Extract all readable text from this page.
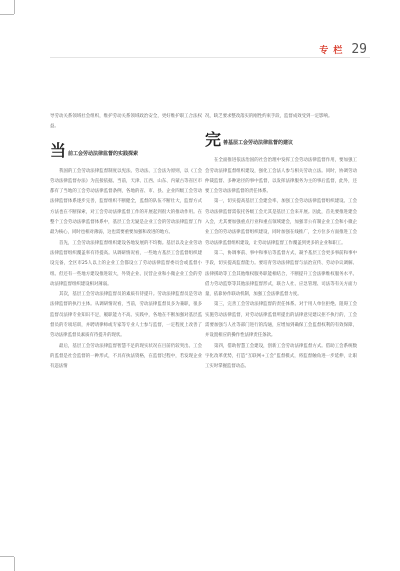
专 栏 29

导劳动关系领域社会组织，维护劳动关系领域政治安全，更好维护职工合法权益。

当 前工会劳动法律监督的实践探索

我国的工会劳动法律监督制度以宪法、劳动法、工会法为原则，以《工会劳动法律监督办法》为直接依据。当前，天津、江西、山东、内蒙古等省区市都有了当地的工会劳动法律监督条例，各地的省、市、县、企业四级工会劳动法律监督体系逐步完善，监督组织不断健全，监督的队伍不断壮大，监督方式方法也在不断探索，对工会劳动法律监督工作的开展起到很大的推动作用。在整个工会劳动法律监督体系中，基层工会无疑是企业工会的劳动法律监督工作最为核心，同时也相对薄弱，这也需要重要加强和改进的地方。

首先，工会劳动法律监督组织建设各地发展的不均衡。基层以及企业劳动法律监督组织覆盖率有待提高。从调研情况看，一些地方基层工会监督组织建设完备，全区市25人以上的企业工会都设立了劳动法律监督委员会或监督小组。但还有一些地方建设推进较大，外资企业、民营企业和小微企业工会的劳动法律监督组织建设相对薄弱。

其次，基层工会劳动法律监督员的素质有待提升。劳动法律监督员是劳动法律监督的执行主体。从调研情况看，当前，劳动法律监督员多为兼职，很多监督员法律专业知识不足，履职能力不高。实践中，各地在不断加强对基层监督员的专项培训，并聘请律师或专家等专业人士参与监督，一定程度上改善了劳动法律监督员素质有待提升的现状。

最后，基层工会劳动法律监督智慧不足的现实状况在目前仍较突出。工会的监督是社会监督的一种形式，不具有执法资格，在监督过程中，若发现企业有违法情

况，缺乏要求整改落实的刚性约束手段，监督成效受到一定影响。

完 善基层工会劳动法律监督的建议

在全面推进依法治国的社会治理中发挥工会劳动法律监督作用，要加强工会劳动法律监督组织建设，强化工会法人参与相关劳动立法。同时，协调劳动仲裁监督、多种途径的事中监督，以发挥法律服务为主的事后监督，此外，还要工会劳动法律监督的责任体系。

第一，切实提高基层工会建会率，加强工会劳动法律监督组织建设。工会劳动法律监督需依托各级工会尤其是基层工会来开展。因此，首先要推进建会入会，尤其要加强重点行业和重点领域建会，加强非公有制企业工会和小微企业工会的劳动法律监督组织建设，同时加强在线推广，全方位多方面推进工会劳动法律监督组织建设，让劳动法律监督工作覆盖到更多的企业和职工。

第二，协调事前、事中和事后等监督方式，凝予基层工会更多事前和事中手段，切实提高监督能力。要培育劳动法律监督与法治宣传、劳动争议调解、法律援助等工会其他维权服务职能相结合，不断提升工会法律维权服务水平。借力劳动监察等其他法律监督形式，联合人社、应急管理、司法等有关方面力量，依靠协作联动机制，加强工会法律监督力度。

第三，完善工会劳动法律监督的责任体系。对于用人单位拒绝、阻碍工会实施劳动法律监督，对劳动法律监督所提出的法律意见建议拒不执行的，工会需要加强与人社等部门进行的沟通，应增加到确保工会监督权利的有效保障，并设置相应的操作性法律责任条款。

第四，借助智慧工会建设，创新工会劳动法律监督方式。借助工会系统数字化改革优势，打造“互联网+工会”监督模式，将监督触角进一步延伸，让职工实时掌握监督动态。
